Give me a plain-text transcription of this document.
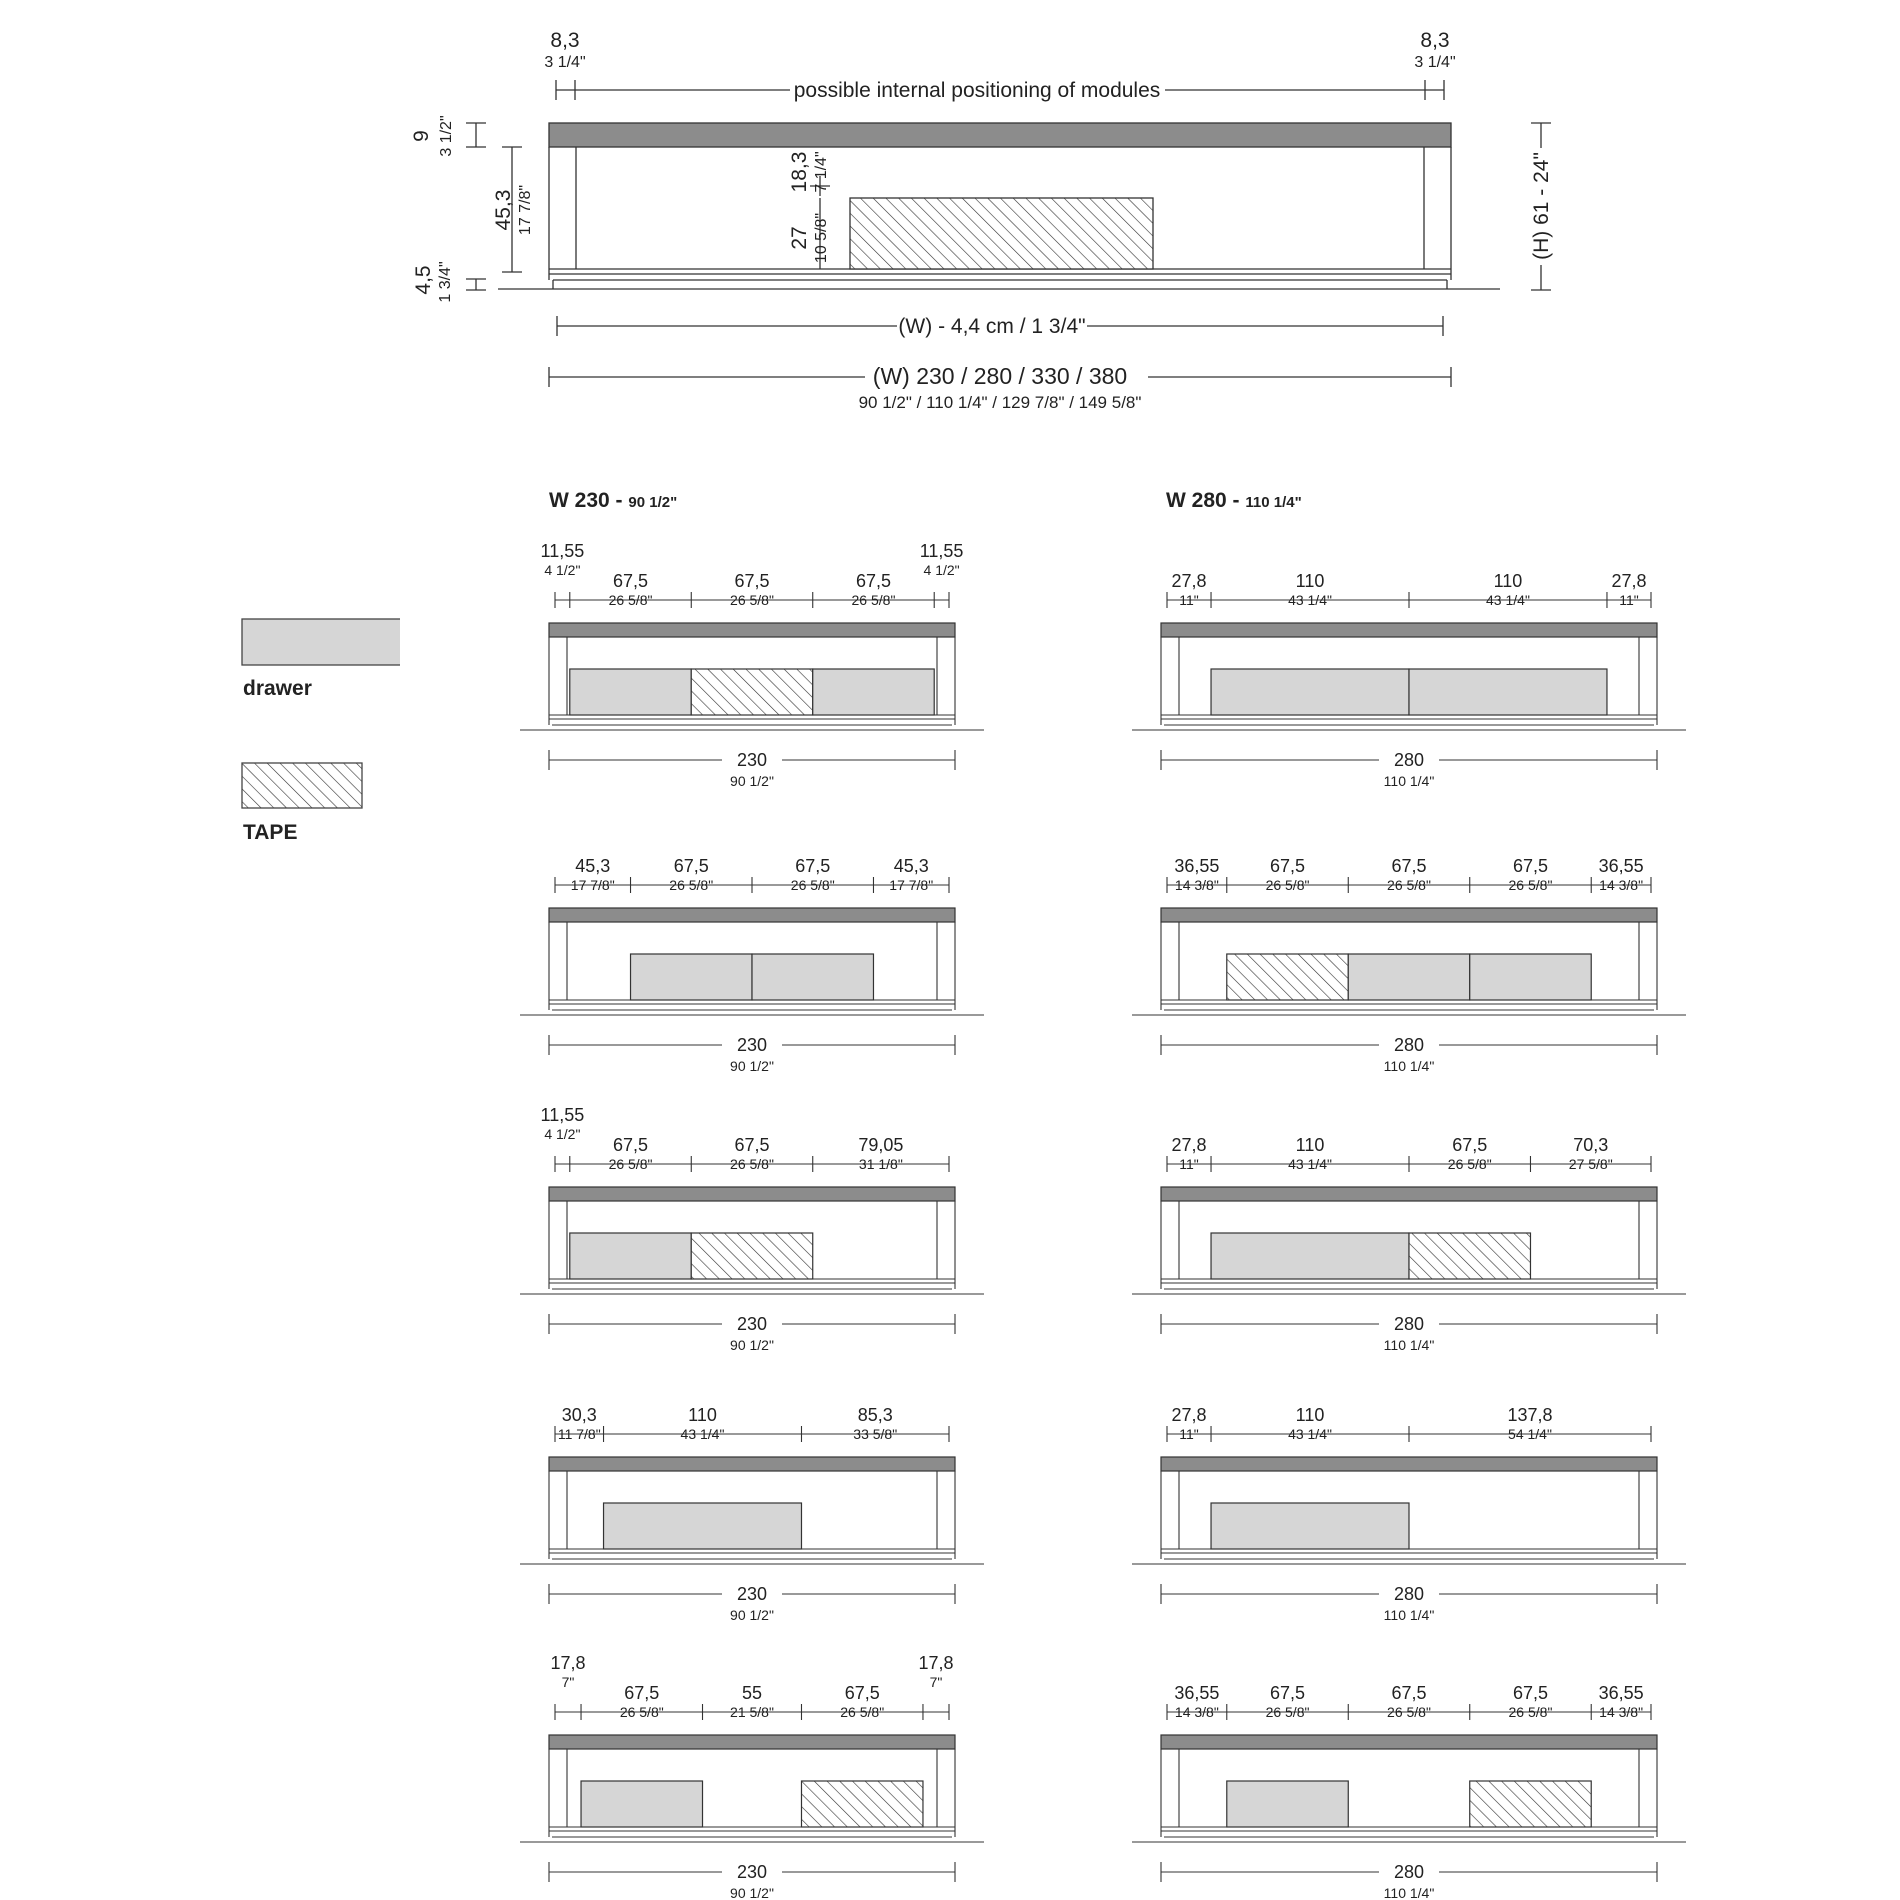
drawer
TAPE
W 230 - 90 1/2"	W 280 - 110 1/4"
8,3
3 1/4"
8,3
3 1/4"
possible internal positioning of modules
9 3 1/2"
45,3 17 7/8"
4,5 1 3/4"
18,3 7 1/4"
27 10 5/8"	(H) 61 - 24"
(W) - 4,4 cm / 1 3/4"
(W) 230 / 280 / 330 / 380
90 1/2" / 110 1/4" / 129 7/8" / 149 5/8"
11,55
4 1/2"
67,5
26 5/8"
67,5
26 5/8"
67,5
26 5/8"
11,55
4 1/2"
230
90 1/2"
45,3
17 7/8"
67,5
26 5/8"
67,5
26 5/8"
45,3
17 7/8"
230
90 1/2"
11,55
4 1/2"
67,5
26 5/8"
67,5
26 5/8"
79,05
31 1/8"
230
90 1/2"
30,3
11 7/8"
110
43 1/4"
85,3
33 5/8"
230
90 1/2"
17,8
7"
67,5
26 5/8"
55
21 5/8"
67,5
26 5/8"
17,8
7"
230
90 1/2"
27,8
11"
110
43 1/4"
110
43 1/4"
27,8
11"
280
110 1/4"
36,55
14 3/8"
67,5
26 5/8"
67,5
26 5/8"
67,5
26 5/8"
36,55
14 3/8"
280
110 1/4"
27,8
11"
110
43 1/4"
67,5
26 5/8"
70,3
27 5/8"
280
110 1/4"
27,8
11"
110
43 1/4"
137,8
54 1/4"
280
110 1/4"
36,55
14 3/8"
67,5
26 5/8"
67,5
26 5/8"
67,5
26 5/8"
36,55
14 3/8"
280
110 1/4"
